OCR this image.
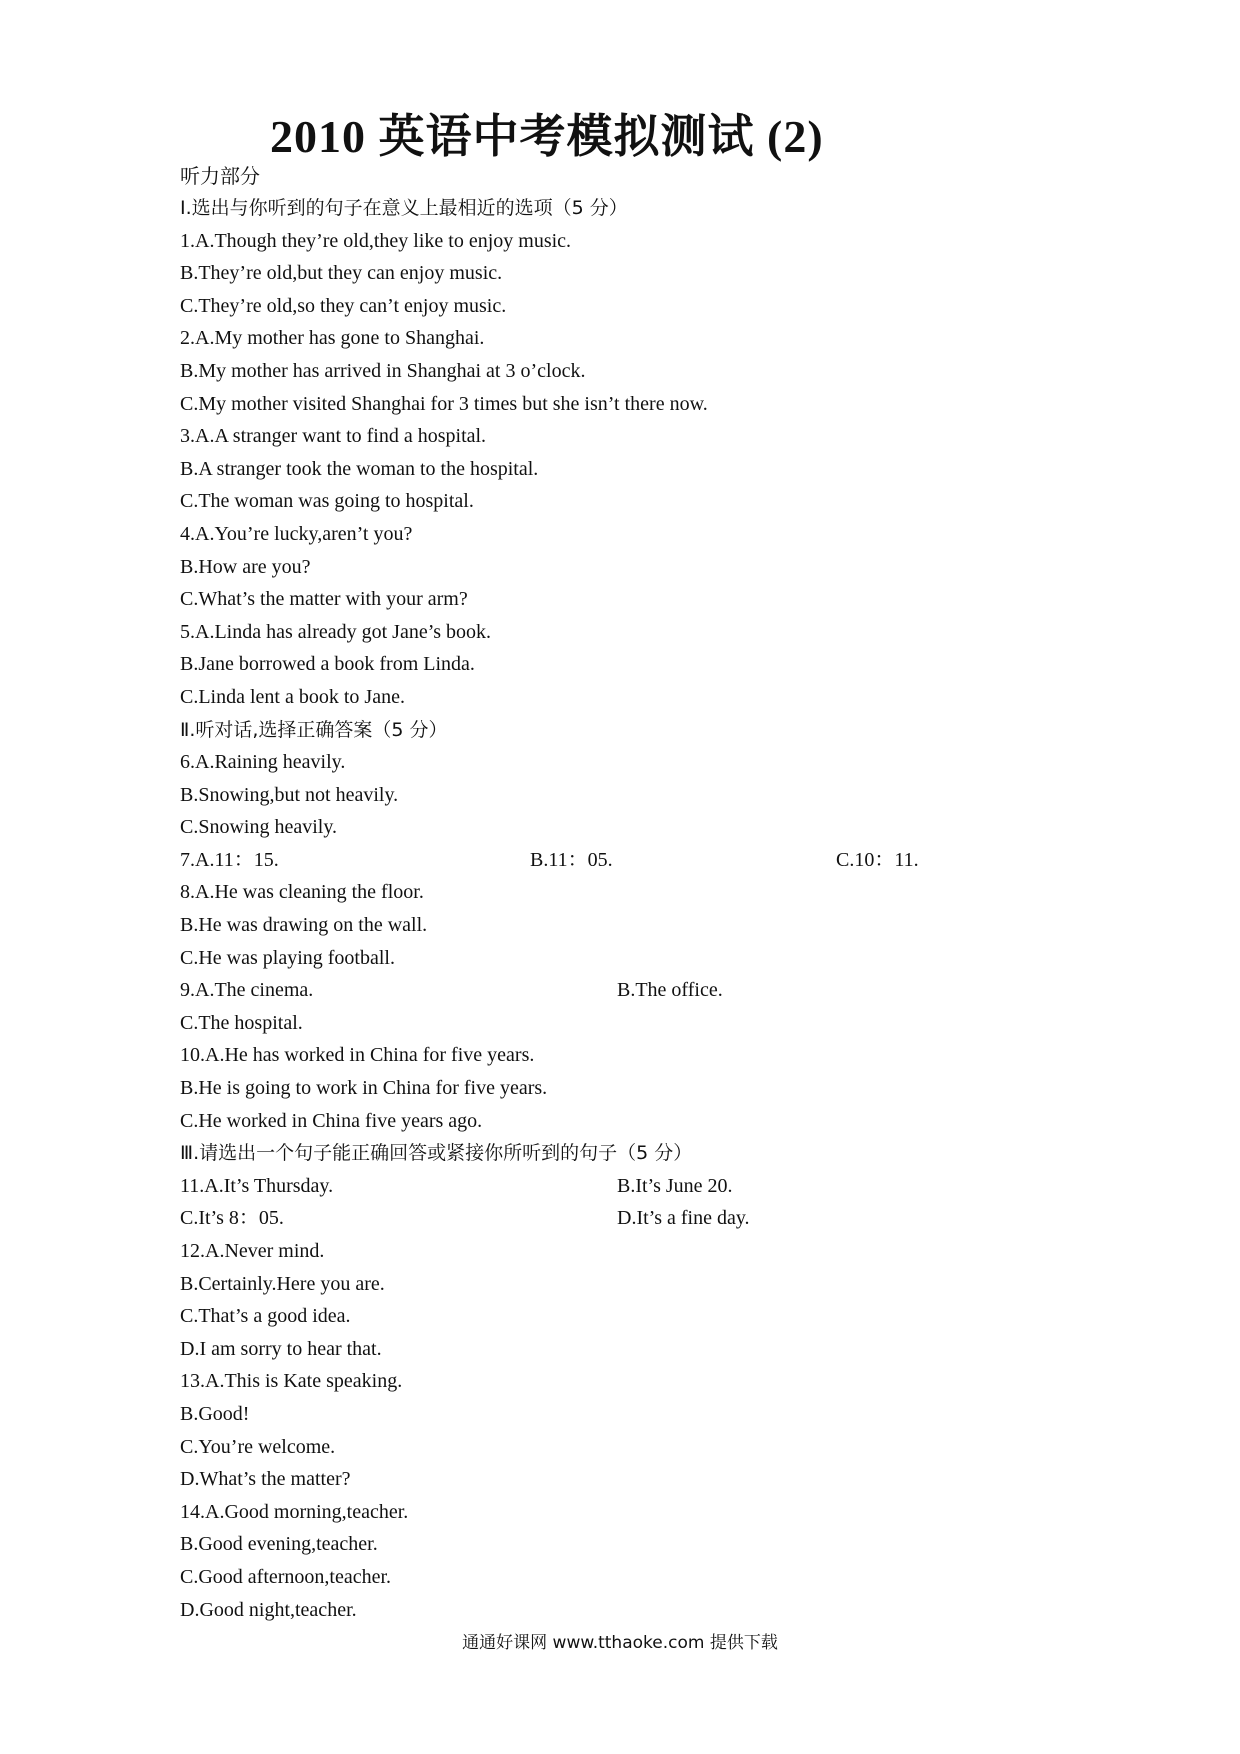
2010 英语中考模拟测试 (2)
听力部分
Ⅰ.选出与你听到的句子在意义上最相近的选项（5 分）
1.A.Though they’re old,they like to enjoy music.
B.They’re old,but they can enjoy music.
C.They’re old,so they can’t enjoy music.
2.A.My mother has gone to Shanghai.
B.My mother has arrived in Shanghai at 3 o’clock.
C.My mother visited Shanghai for 3 times but she isn’t there now.
3.A.A stranger want to find a hospital.
B.A stranger took the woman to the hospital.
C.The woman was going to hospital.
4.A.You’re lucky,aren’t you?
B.How are you?
C.What’s the matter with your arm?
5.A.Linda has already got Jane’s book.
B.Jane borrowed a book from Linda.
C.Linda lent a book to Jane.
Ⅱ.听对话,选择正确答案（5 分）
6.A.Raining heavily.
B.Snowing,but not heavily.
C.Snowing heavily.
7.A.11：15.	B.11：05.	C.10：11.
8.A.He was cleaning the floor.
B.He was drawing on the wall.
C.He was playing football.
9.A.The cinema.	B.The office.
C.The hospital.
10.A.He has worked in China for five years.
B.He is going to work in China for five years.
C.He worked in China five years ago.
Ⅲ.请选出一个句子能正确回答或紧接你所听到的句子（5 分）
11.A.It’s Thursday.	B.It’s June 20.
C.It’s 8：05.	D.It’s a fine day.
12.A.Never mind.
B.Certainly.Here you are.
C.That’s a good idea.
D.I am sorry to hear that.
13.A.This is Kate speaking.
B.Good!
C.You’re welcome.
D.What’s the matter?
14.A.Good morning,teacher.
B.Good evening,teacher.
C.Good afternoon,teacher.
D.Good night,teacher.
通通好课网 www.tthaoke.com 提供下载
